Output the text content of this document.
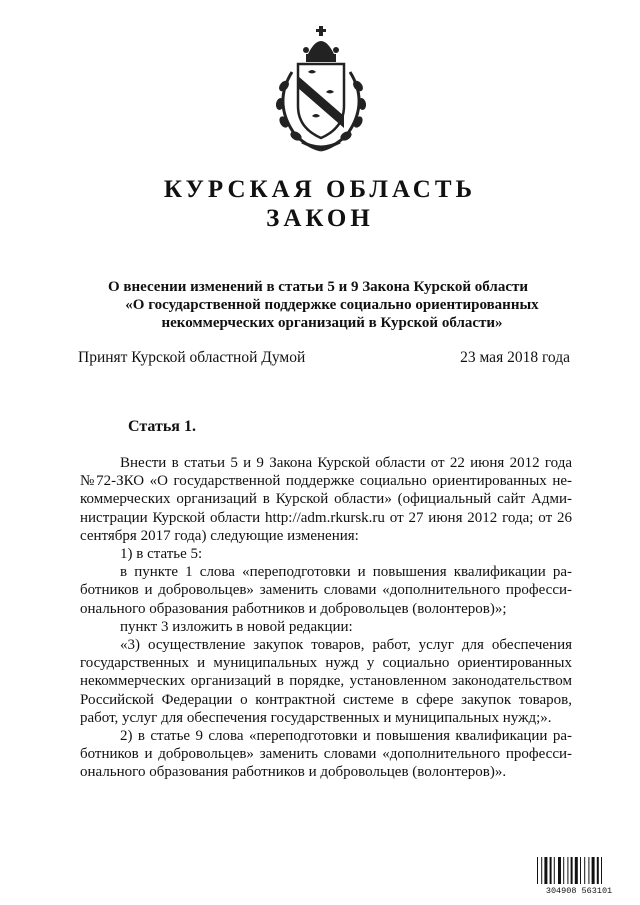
КУРСКАЯ ОБЛАСТЬ
ЗАКОН
О внесении изменений в статьи 5 и 9 Закона Курской области
«О государственной поддержке социально ориентированных
некоммерческих организаций в Курской области»
Принят Курской областной Думой	23 мая 2018 года
Статья 1.

Внести в статьи 5 и 9 Закона Курской области от 22 июня 2012 года

№72-ЗКО «О государственной поддержке социально ориентированных не-

коммерческих организаций в Курской области» (официальный сайт Адми-

нистрации Курской области http://adm.rkursk.ru от 27 июня 2012 года; от 26

сентября 2017 года) следующие изменения:

1) в статье 5:

в пункте 1 слова «переподготовки и повышения квалификации ра-

ботников и добровольцев» заменить словами «дополнительного професси-

онального образования работников и добровольцев (волонтеров)»;

пункт 3 изложить в новой редакции:

«3) осуществление закупок товаров, работ, услуг для обеспечения

государственных и муниципальных нужд у социально ориентированных

некоммерческих организаций в порядке, установленном законодательством

Российской Федерации о контрактной системе в сфере закупок товаров,

работ, услуг для обеспечения государственных и муниципальных нужд;».

2) в статье 9 слова «переподготовки и повышения квалификации ра-

ботников и добровольцев» заменить словами «дополнительного професси-

онального образования работников и добровольцев (волонтеров)».

304908 563101
